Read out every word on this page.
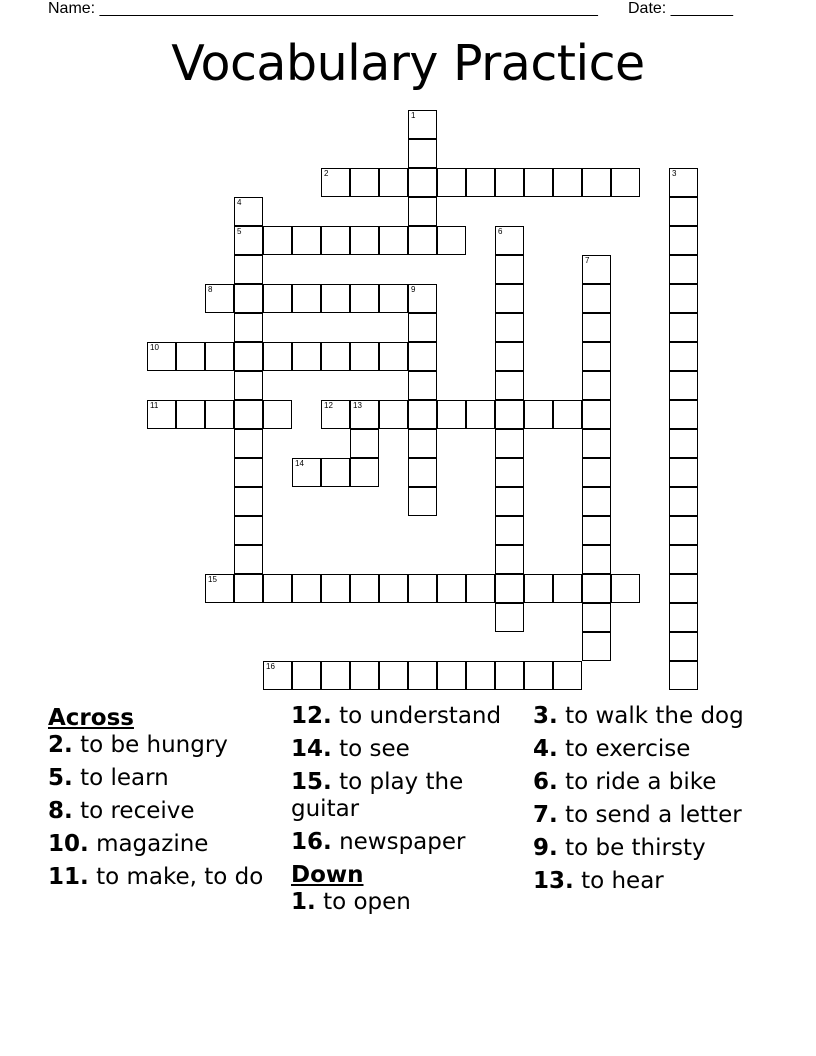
Name: ________________________________________________________ Date: _______
Vocabulary Practice
1
2	3
4
5	6
7
8	9
10
11	12	13
14
15
16
Across
2. to be hungry
5. to learn
8. to receive
10. magazine
11. to make, to do
12. to understand
14. to see
15. to play the guitar
16. newspaper
Down
1. to open
3. to walk the dog
4. to exercise
6. to ride a bike
7. to send a letter
9. to be thirsty
13. to hear
